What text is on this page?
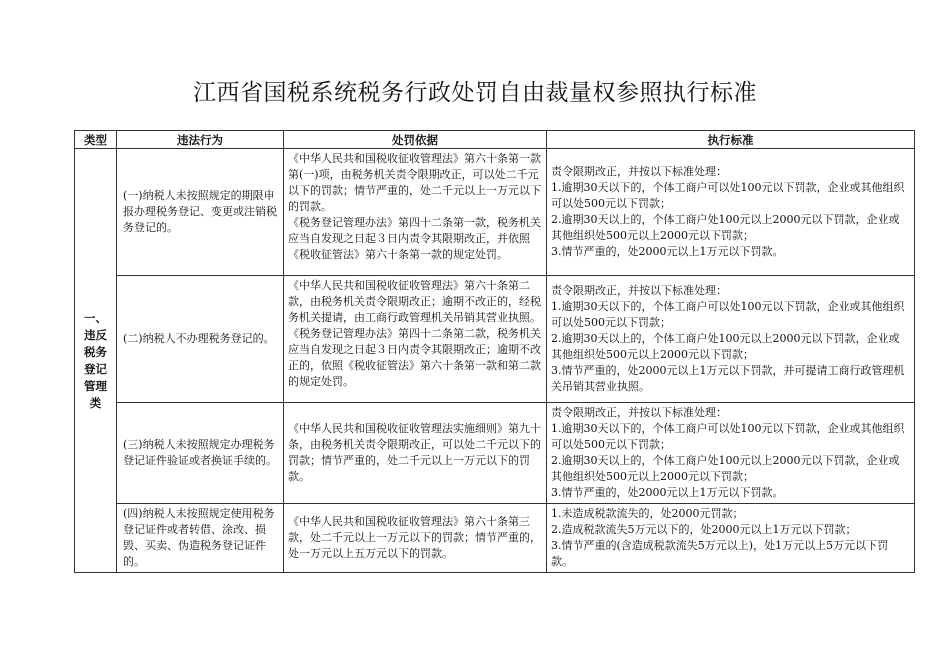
江西省国税系统税务行政处罚自由裁量权参照执行标准
类型	违法行为	处罚依据	执行标准

一、违反税务登记管理类	(一)纳税人未按照规定的期限申报办理税务登记、变更或注销税务登记的。	《中华人民共和国税收征收管理法》第六十条第一款第(一)项，由税务机关责令限期改正，可以处二千元以下的罚款；情节严重的，处二千元以上一万元以下的罚款。
《税务登记管理办法》第四十二条第一款，税务机关应当自发现之日起３日内责令其限期改正，并依照《税收征管法》第六十条第一款的规定处罚。	责令限期改正，并按以下标准处理：
1.逾期30天以下的，个体工商户可以处100元以下罚款，企业或其他组织可以处500元以下罚款；
2.逾期30天以上的，个体工商户处100元以上2000元以下罚款，企业或其他组织处500元以上2000元以下罚款；
3.情节严重的，处2000元以上1万元以下罚款。

	(二)纳税人不办理税务登记的。	《中华人民共和国税收征收管理法》第六十条第二款，由税务机关责令限期改正；逾期不改正的，经税务机关提请，由工商行政管理机关吊销其营业执照。
《税务登记管理办法》第四十二条第二款，税务机关应当自发现之日起３日内责令其限期改正；逾期不改正的，依照《税收征管法》第六十条第一款和第二款的规定处罚。	责令限期改正，并按以下标准处理：
1.逾期30天以下的，个体工商户可以处100元以下罚款，企业或其他组织可以处500元以下罚款；
2.逾期30天以上的，个体工商户处100元以上2000元以下罚款，企业或其他组织处500元以上2000元以下罚款；
3.情节严重的，处2000元以上1万元以下罚款，并可提请工商行政管理机关吊销其营业执照。

	(三)纳税人未按照规定办理税务登记证件验证或者换证手续的。	《中华人民共和国税收征收管理法实施细则》第九十条，由税务机关责令限期改正，可以处二千元以下的罚款；情节严重的，处二千元以上一万元以下的罚款。	责令限期改正，并按以下标准处理：
1.逾期30天以下的，个体工商户可以处100元以下罚款，企业或其他组织可以处500元以下罚款；
2.逾期30天以上的，个体工商户处100元以上2000元以下罚款，企业或其他组织处500元以上2000元以下罚款；
3.情节严重的，处2000元以上1万元以下罚款。

	(四)纳税人未按照规定使用税务登记证件或者转借、涂改、损毁、买卖、伪造税务登记证件的。	《中华人民共和国税收征收管理法》第六十条第三款，处二千元以上一万元以下的罚款；情节严重的，处一万元以上五万元以下的罚款。	1.未造成税款流失的，处2000元罚款；
2.造成税款流失5万元以下的，处2000元以上1万元以下罚款；
3.情节严重的(含造成税款流失5万元以上)，处1万元以上5万元以下罚款。
